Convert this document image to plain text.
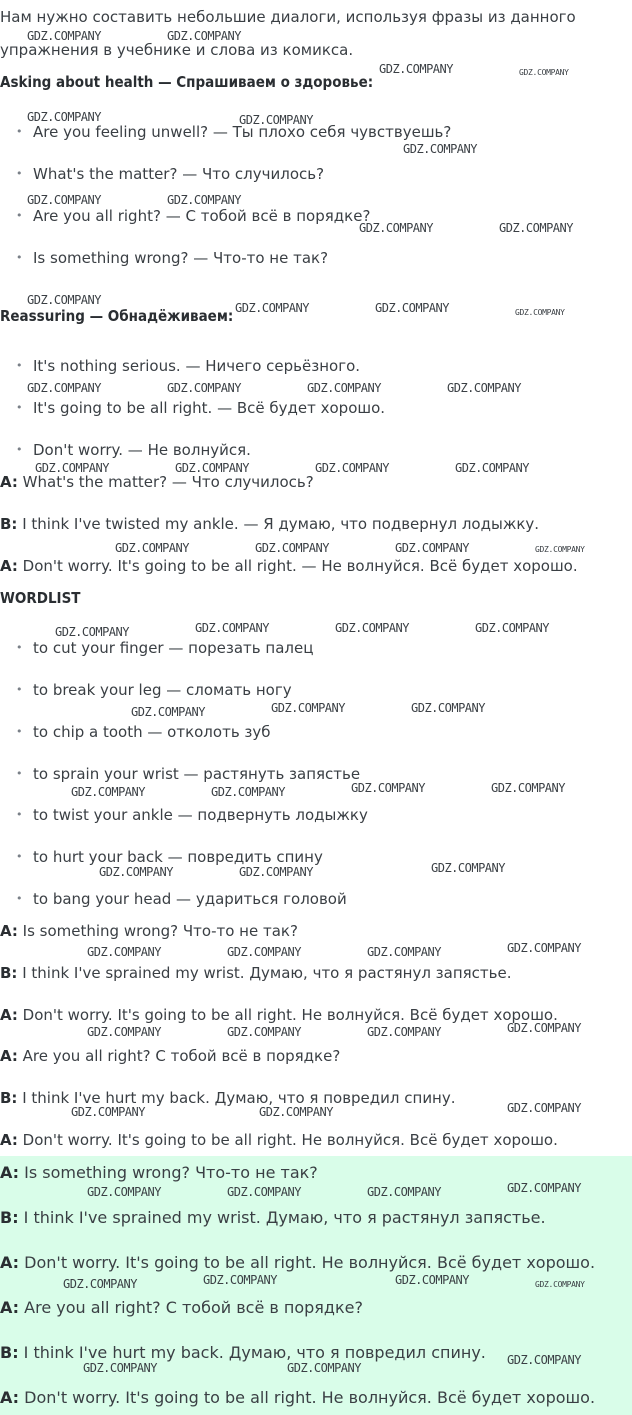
Нам нужно составить небольшие диалоги, используя фразы из данного
упражнения в учебнике и слова из комикса.
Asking about health — Спрашиваем о здоровье:
• Are you feeling unwell? — Ты плохо себя чувствуешь?
• What's the matter? — Что случилось?
• Are you all right? — С тобой всё в порядке?
• Is something wrong? — Что-то не так?
Reassuring — Обнадёживаем:
• It's nothing serious. — Ничего серьёзного.
• It's going to be all right. — Всё будет хорошо.
• Don't worry. — Не волнуйся.
A: What's the matter? — Что случилось?
B: I think I've twisted my ankle. — Я думаю, что подвернул лодыжку.
A: Don't worry. It's going to be all right. — Не волнуйся. Всё будет хорошо.
WORDLIST
• to cut your finger — порезать палец
• to break your leg — сломать ногу
• to chip a tooth — отколоть зуб
• to sprain your wrist — растянуть запястье
• to twist your ankle — подвернуть лодыжку
• to hurt your back — повредить спину
• to bang your head — удариться головой
A: Is something wrong? Что-то не так?
B: I think I've sprained my wrist. Думаю, что я растянул запястье.
A: Don't worry. It's going to be all right. Не волнуйся. Всё будет хорошо.
A: Are you all right? С тобой всё в порядке?
B: I think I've hurt my back. Думаю, что я повредил спину.
A: Don't worry. It's going to be all right. Не волнуйся. Всё будет хорошо.
A: Is something wrong? Что-то не так?
B: I think I've sprained my wrist. Думаю, что я растянул запястье.
A: Don't worry. It's going to be all right. Не волнуйся. Всё будет хорошо.
A: Are you all right? С тобой всё в порядке?
B: I think I've hurt my back. Думаю, что я повредил спину.
A: Don't worry. It's going to be all right. Не волнуйся. Всё будет хорошо.
GDZ.COMPANY	GDZ.COMPANY
GDZ.COMPANY	GDZ.COMPANY
GDZ.COMPANY	GDZ.COMPANY
GDZ.COMPANY
GDZ.COMPANY	GDZ.COMPANY
GDZ.COMPANY	GDZ.COMPANY
GDZ.COMPANY
GDZ.COMPANY	GDZ.COMPANY	GDZ.COMPANY
GDZ.COMPANY	GDZ.COMPANY	GDZ.COMPANY	GDZ.COMPANY
GDZ.COMPANY	GDZ.COMPANY	GDZ.COMPANY	GDZ.COMPANY
GDZ.COMPANY	GDZ.COMPANY	GDZ.COMPANY	GDZ.COMPANY
GDZ.COMPANY	GDZ.COMPANY	GDZ.COMPANY	GDZ.COMPANY
GDZ.COMPANY	GDZ.COMPANY	GDZ.COMPANY
GDZ.COMPANY	GDZ.COMPANY	GDZ.COMPANY	GDZ.COMPANY
GDZ.COMPANY	GDZ.COMPANY	GDZ.COMPANY
GDZ.COMPANY	GDZ.COMPANY	GDZ.COMPANY	GDZ.COMPANY
GDZ.COMPANY	GDZ.COMPANY	GDZ.COMPANY	GDZ.COMPANY
GDZ.COMPANY	GDZ.COMPANY	GDZ.COMPANY
GDZ.COMPANY	GDZ.COMPANY	GDZ.COMPANY	GDZ.COMPANY
GDZ.COMPANY	GDZ.COMPANY	GDZ.COMPANY	GDZ.COMPANY
GDZ.COMPANY	GDZ.COMPANY
GDZ.COMPANY
